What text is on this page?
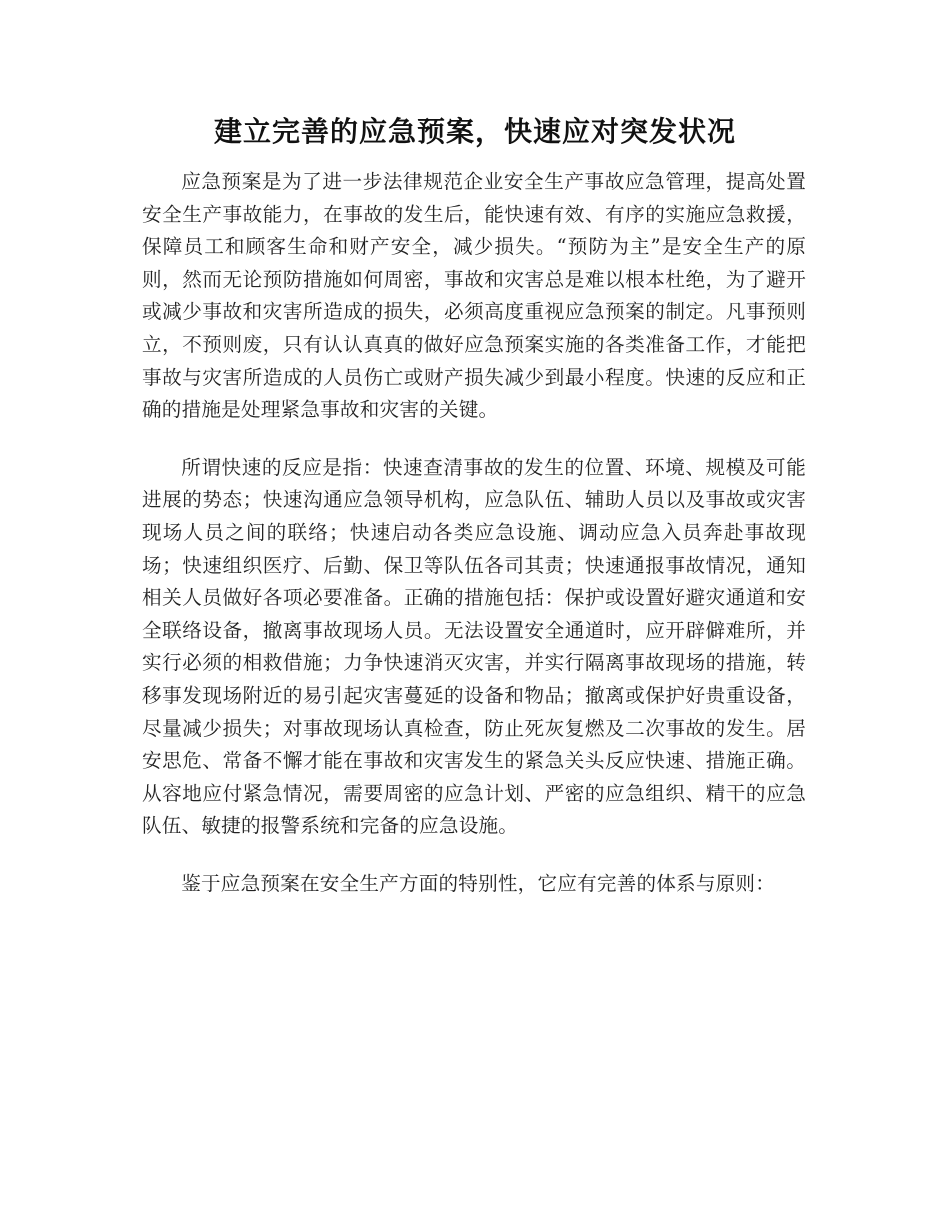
建立完善的应急预案，快速应对突发状况

应急预案是为了进一步法律规范企业安全生产事故应急管理，提高处置安全生产事故能力，在事故的发生后，能快速有效、有序的实施应急救援，保障员工和顾客生命和财产安全，减少损失。“预防为主”是安全生产的原则，然而无论预防措施如何周密，事故和灾害总是难以根本杜绝，为了避开或减少事故和灾害所造成的损失，必须高度重视应急预案的制定。凡事预则立，不预则废，只有认认真真的做好应急预案实施的各类准备工作，才能把事故与灾害所造成的人员伤亡或财产损失减少到最小程度。快速的反应和正确的措施是处理紧急事故和灾害的关键。

所谓快速的反应是指：快速查清事故的发生的位置、环境、规模及可能进展的势态；快速沟通应急领导机构，应急队伍、辅助人员以及事故或灾害现场人员之间的联络；快速启动各类应急设施、调动应急入员奔赴事故现场；快速组织医疗、后勤、保卫等队伍各司其责；快速通报事故情况，通知相关人员做好各项必要准备。正确的措施包括：保护或设置好避灾通道和安全联络设备，撤离事故现场人员。无法设置安全通道时，应开辟僻难所，并实行必须的相救借施；力争快速消灭灾害，并实行隔离事故现场的措施，转移事发现场附近的易引起灾害蔓延的设备和物品；撤离或保护好贵重设备，尽量减少损失；对事故现场认真检查，防止死灰复燃及二次事故的发生。居安思危、常备不懈才能在事故和灾害发生的紧急关头反应快速、措施正确。从容地应付紧急情况，需要周密的应急计划、严密的应急组织、精干的应急队伍、敏捷的报警系统和完备的应急设施。

鉴于应急预案在安全生产方面的特别性，它应有完善的体系与原则：
